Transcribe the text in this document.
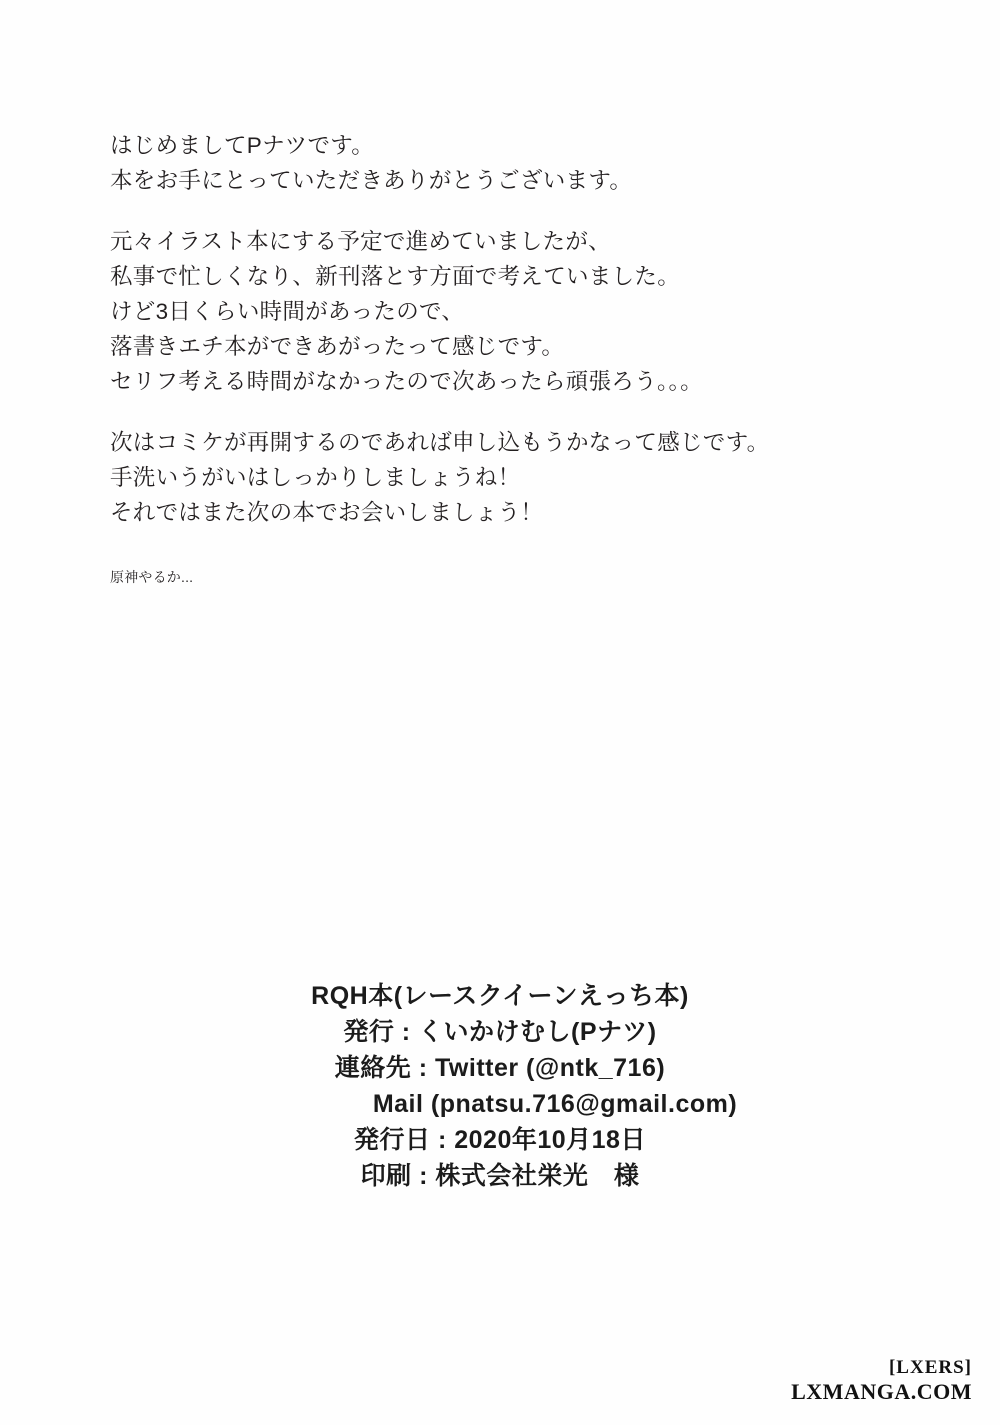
はじめましてPナツです。
本をお手にとっていただきありがとうございます。
元々イラスト本にする予定で進めていましたが、
私事で忙しくなり、新刊落とす方面で考えていました。
けど3日くらい時間があったので、
落書きエチ本ができあがったって感じです。
セリフ考える時間がなかったので次あったら頑張ろう。。。
次はコミケが再開するのであれば申し込もうかなって感じです。
手洗いうがいはしっかりしましょうね！
それではまた次の本でお会いしましょう！
原神やるか...
RQH本(レースクイーンえっち本)
発行 : くいかけむし(Pナツ)
連絡先 : Twitter (@ntk_716)
Mail (pnatsu.716@gmail.com)
発行日 : 2020年10月18日
印刷 : 株式会社栄光　様
[LXERS]
LXMANGA.COM
